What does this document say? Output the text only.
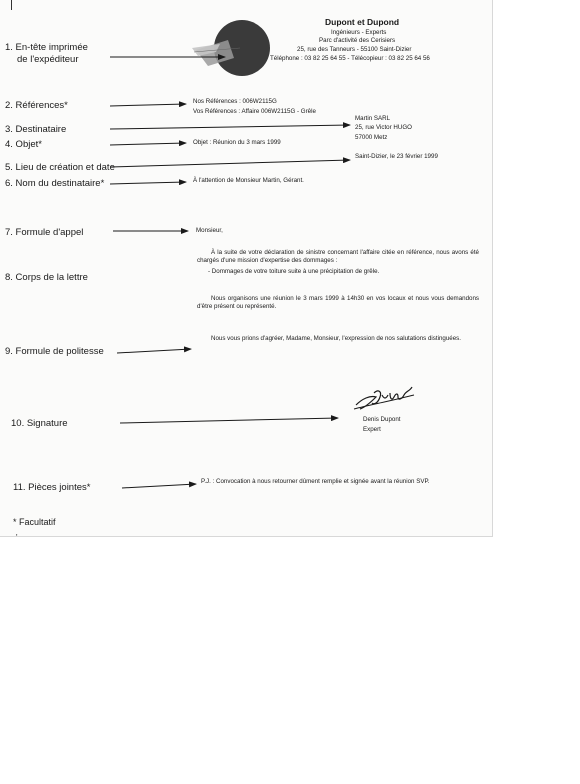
Dupont et Dupond
Ingénieurs - Experts
Parc d'activité des Cerisiers
25, rue des Tanneurs - 55100 Saint-Dizier
Téléphone : 03 82 25 64 55 - Télécopieur : 03 82 25 64 56
1. En-tête imprimée
de l'expéditeur
2. Références*
3. Destinataire
4. Objet*
5. Lieu de création et date
6. Nom du destinataire*
7. Formule d'appel
8. Corps de la lettre
9. Formule de politesse
10. Signature
11. Pièces jointes*
* Facultatif
Nos Références : 006W2115G
Vos Références : Affaire 006W2115G - Grêle
Martin SARL
25, rue Victor HUGO
57000 Metz
Objet : Réunion du 3 mars 1999
Saint-Dizier, le 23 février 1999
À l'attention de Monsieur Martin, Gérant.
Monsieur,
À la suite de votre déclaration de sinistre concernant l'affaire citée en référence, nous avons été chargés d'une mission d'expertise des dommages :
- Dommages de votre toiture suite à une précipitation de grêle.
Nous organisons une réunion le 3 mars 1999 à 14h30 en vos locaux et nous vous demandons d'être présent ou représenté.
Nous vous prions d'agréer, Madame, Monsieur, l'expression de nos salutations distinguées.
Denis Dupont
Expert
P.J. : Convocation à nous retourner dûment remplie et signée avant la réunion SVP.
'
